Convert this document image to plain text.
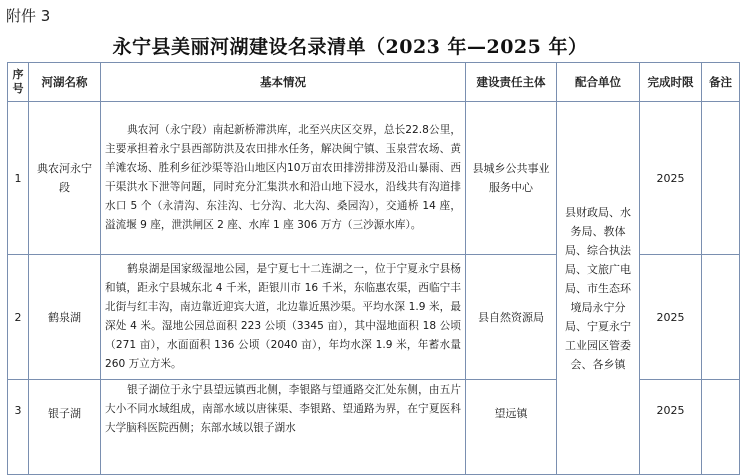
附件 3
永宁县美丽河湖建设名录清单（2023 年—2025 年）
序号	河湖名称	基本情况	建设责任主体	配合单位	完成时限	备注
1	典农河永宁段	典农河（永宁段）南起新桥滞洪库，北至兴庆区交界，总长22.8公里，主要承担着永宁县西部防洪及农田排水任务，解决闽宁镇、玉泉营农场、黄羊滩农场、胜利乡征沙渠等沿山地区内10万亩农田排涝排涝及沿山暴雨、西干渠洪水下泄等问题，同时充分汇集洪水和沿山地下浸水，沿线共有沟道排水口 5 个（永清沟、东洼沟、七分沟、北大沟、桑园沟），交通桥 14 座，溢流堰 9 座，泄洪闸区 2 座、水库 1 座 306 万方（三沙源水库）。	县城乡公共事业服务中心	县财政局、水务局、教体局、综合执法局、文旅广电局、市生态环境局永宁分局、宁夏永宁工业园区管委会、各乡镇	2025	
2	鹤泉湖	鹤泉湖是国家级湿地公园，是宁夏七十二连湖之一，位于宁夏永宁县杨和镇，距永宁县城东北 4 千米，距银川市 16 千米，东临惠农渠，西临宁丰北街与红丰沟，南边靠近迎宾大道，北边靠近黑沙渠。平均水深 1.9 米，最深处 4 米。湿地公园总面积 223 公顷（3345 亩），其中湿地面积 18 公顷（271 亩），水面面积 136 公顷（2040 亩），年均水深 1.9 米，年蓄水量 260 万立方米。	县自然资源局		2025	
3	银子湖	银子湖位于永宁县望远镇西北侧，李银路与望通路交汇处东侧，由五片大小不同水域组成，南部水域以唐徕渠、李银路、望通路为界，在宁夏医科大学脑科医院西侧；东部水域以银子湖水	望远镇		2025	
